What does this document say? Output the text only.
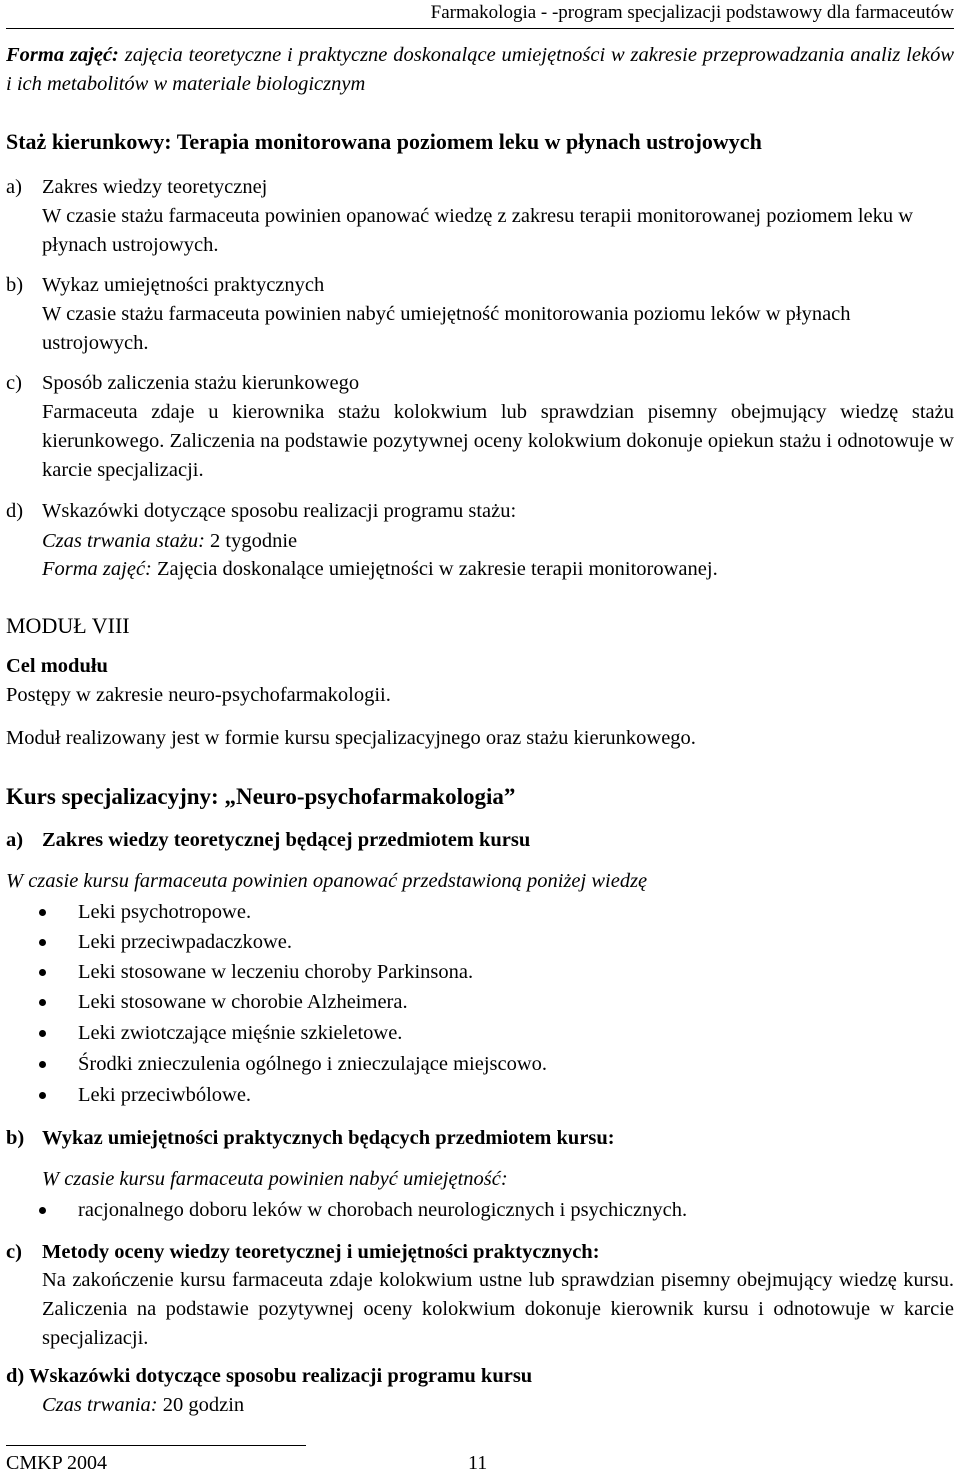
Farmakologia - -program specjalizacji podstawowy dla farmaceutów
Forma zajęć: zajęcia teoretyczne i praktyczne doskonalące umiejętności w zakresie przeprowadzania analiz leków i ich metabolitów w materiale biologicznym
Staż kierunkowy: Terapia monitorowana poziomem leku w płynach ustrojowych
a) Zakres wiedzy teoretycznej
W czasie stażu farmaceuta powinien opanować wiedzę z zakresu terapii monitorowanej poziomem leku w płynach ustrojowych.
b) Wykaz umiejętności praktycznych
W czasie stażu farmaceuta powinien nabyć umiejętność monitorowania poziomu leków w płynach ustrojowych.
c) Sposób zaliczenia stażu kierunkowego
Farmaceuta zdaje u kierownika stażu kolokwium lub sprawdzian pisemny obejmujący wiedzę stażu kierunkowego. Zaliczenia na podstawie pozytywnej oceny kolokwium dokonuje opiekun stażu i odnotowuje w karcie specjalizacji.
d) Wskazówki dotyczące sposobu realizacji programu stażu:
Czas trwania stażu: 2 tygodnie
Forma zajęć: Zajęcia doskonalące umiejętności w zakresie terapii monitorowanej.
MODUŁ VIII
Cel modułu
Postępy w zakresie neuro-psychofarmakologii.
Moduł realizowany jest w formie kursu specjalizacyjnego oraz stażu kierunkowego.
Kurs specjalizacyjny: „Neuro-psychofarmakologia”
a) Zakres wiedzy teoretycznej będącej przedmiotem kursu
W czasie kursu farmaceuta powinien opanować przedstawioną poniżej wiedzę
Leki psychotropowe.
Leki przeciwpadaczkowe.
Leki stosowane w leczeniu choroby Parkinsona.
Leki stosowane w chorobie Alzheimera.
Leki zwiotczające mięśnie szkieletowe.
Środki znieczulenia ogólnego i znieczulające miejscowo.
Leki przeciwbólowe.
b) Wykaz umiejętności praktycznych będących przedmiotem kursu:
W czasie kursu farmaceuta powinien nabyć umiejętność:
racjonalnego doboru leków w chorobach neurologicznych i psychicznych.
c) Metody oceny wiedzy teoretycznej i umiejętności praktycznych:
Na zakończenie kursu farmaceuta zdaje kolokwium ustne lub sprawdzian pisemny obejmujący wiedzę kursu. Zaliczenia na podstawie pozytywnej oceny kolokwium dokonuje kierownik kursu i odnotowuje w karcie specjalizacji.
d) Wskazówki dotyczące sposobu realizacji programu kursu
Czas trwania: 20 godzin
CMKP 2004	11
